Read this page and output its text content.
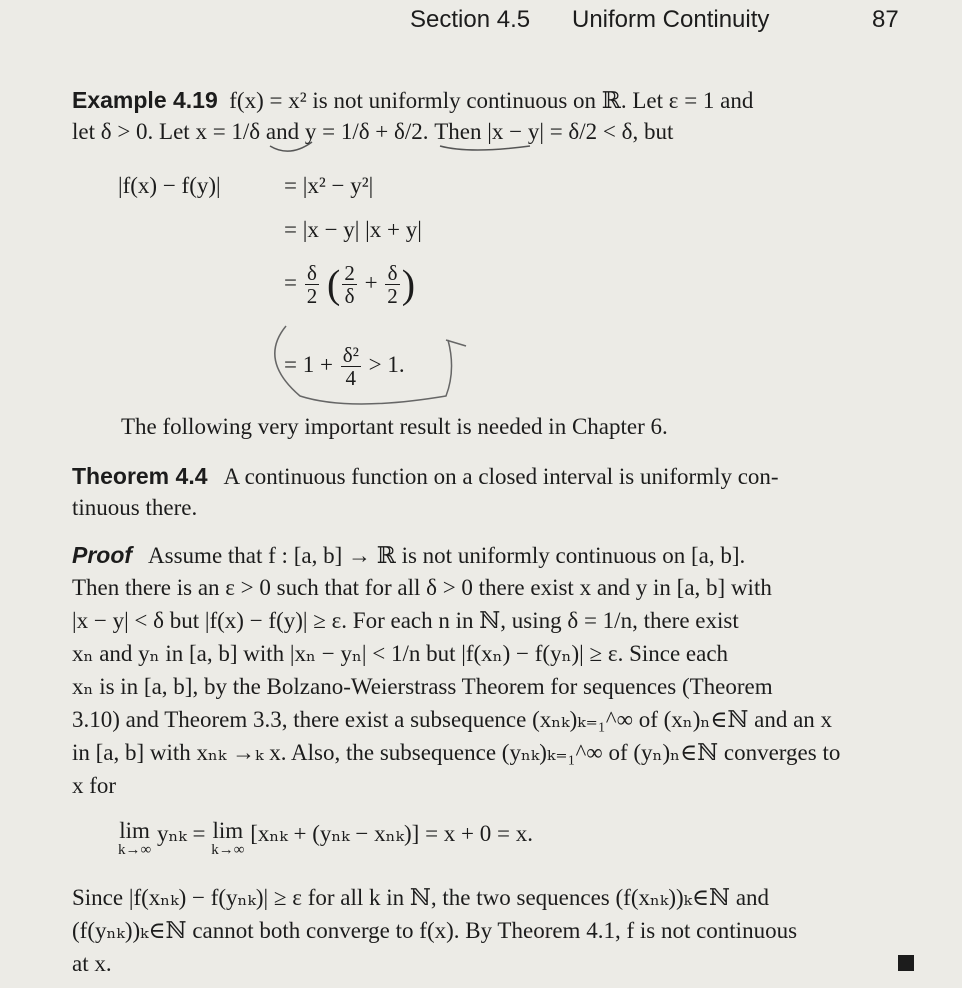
Section 4.5 Uniform Continuity	87
Example 4.19 f(x) = x² is not uniformly continuous on ℝ. Let ε = 1 and
let δ > 0. Let x = 1/δ and y = 1/δ + δ/2. Then |x − y| = δ/2 < δ, but
|f(x) − f(y)|	= |x² − y²|
= |x − y| |x + y|
= $\frac{\delta}{2}$ ( $\frac{2}{\delta} + \frac{\delta}{2}$ )
= $1 + \frac{\text{δ²}}{4} > 1$.
The following very important result is needed in Chapter 6.
Theorem 4.4 A continuous function on a closed interval is uniformly con-
tinuous there.
Proof Assume that f : [a, b] → ℝ is not uniformly continuous on [a, b].
Then there is an ε > 0 such that for all δ > 0 there exist x and y in [a, b] with
|x − y| < δ but |f(x) − f(y)| ≥ ε. For each n in ℕ, using δ = 1/n, there exist
xₙ and yₙ in [a, b] with |xₙ − yₙ| < 1/n but |f(xₙ) − f(yₙ)| ≥ ε. Since each
xₙ is in [a, b], by the Bolzano-Weierstrass Theorem for sequences (Theorem
3.10) and Theorem 3.3, there exist a subsequence (xₙₖ)ₖ₌₁^∞ of (xₙ)ₙ∈ℕ and an x
in [a, b] with xₙₖ →ₖ x. Also, the subsequence (yₙₖ)ₖ₌₁^∞ of (yₙ)ₙ∈ℕ converges to
x for
lim
k→∞
yₙₖ = lim
k→∞
[xₙₖ + (yₙₖ − xₙₖ)] = x + 0 = x.
Since |f(xₙₖ) − f(yₙₖ)| ≥ ε for all k in ℕ, the two sequences (f(xₙₖ))ₖ∈ℕ and
(f(yₙₖ))ₖ∈ℕ cannot both converge to f(x). By Theorem 4.1, f is not continuous
at x.
